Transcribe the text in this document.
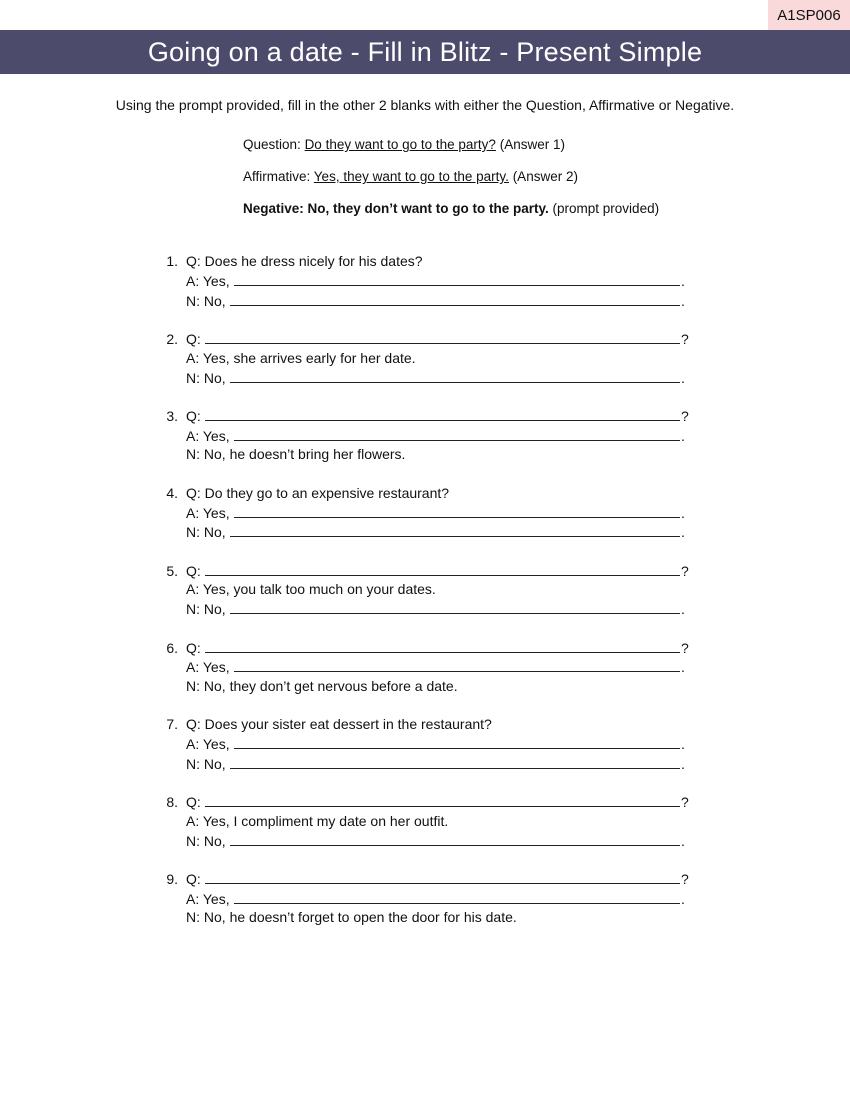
A1SP006
Going on a date - Fill in Blitz - Present Simple
Using the prompt provided, fill in the other 2 blanks with either the Question, Affirmative or Negative.
Question: Do they want to go to the party? (Answer 1)
Affirmative: Yes, they want to go to the party. (Answer 2)
Negative: No, they don’t want to go to the party. (prompt provided)
1. Q: Does he dress nicely for his dates?
A: Yes,	.
N: No,	.
2. Q:	?
A: Yes, she arrives early for her date.
N: No,	.
3. Q:	?
A: Yes,	.
N: No, he doesn’t bring her flowers.
4. Q: Do they go to an expensive restaurant?
A: Yes,	.
N: No,	.
5. Q:	?
A: Yes, you talk too much on your dates.
N: No,	.
6. Q:	?
A: Yes,	.
N: No, they don’t get nervous before a date.
7. Q: Does your sister eat dessert in the restaurant?
A: Yes,	.
N: No,	.
8. Q:	?
A: Yes, I compliment my date on her outfit.
N: No,	.
9. Q:	?
A: Yes,	.
N: No, he doesn’t forget to open the door for his date.
